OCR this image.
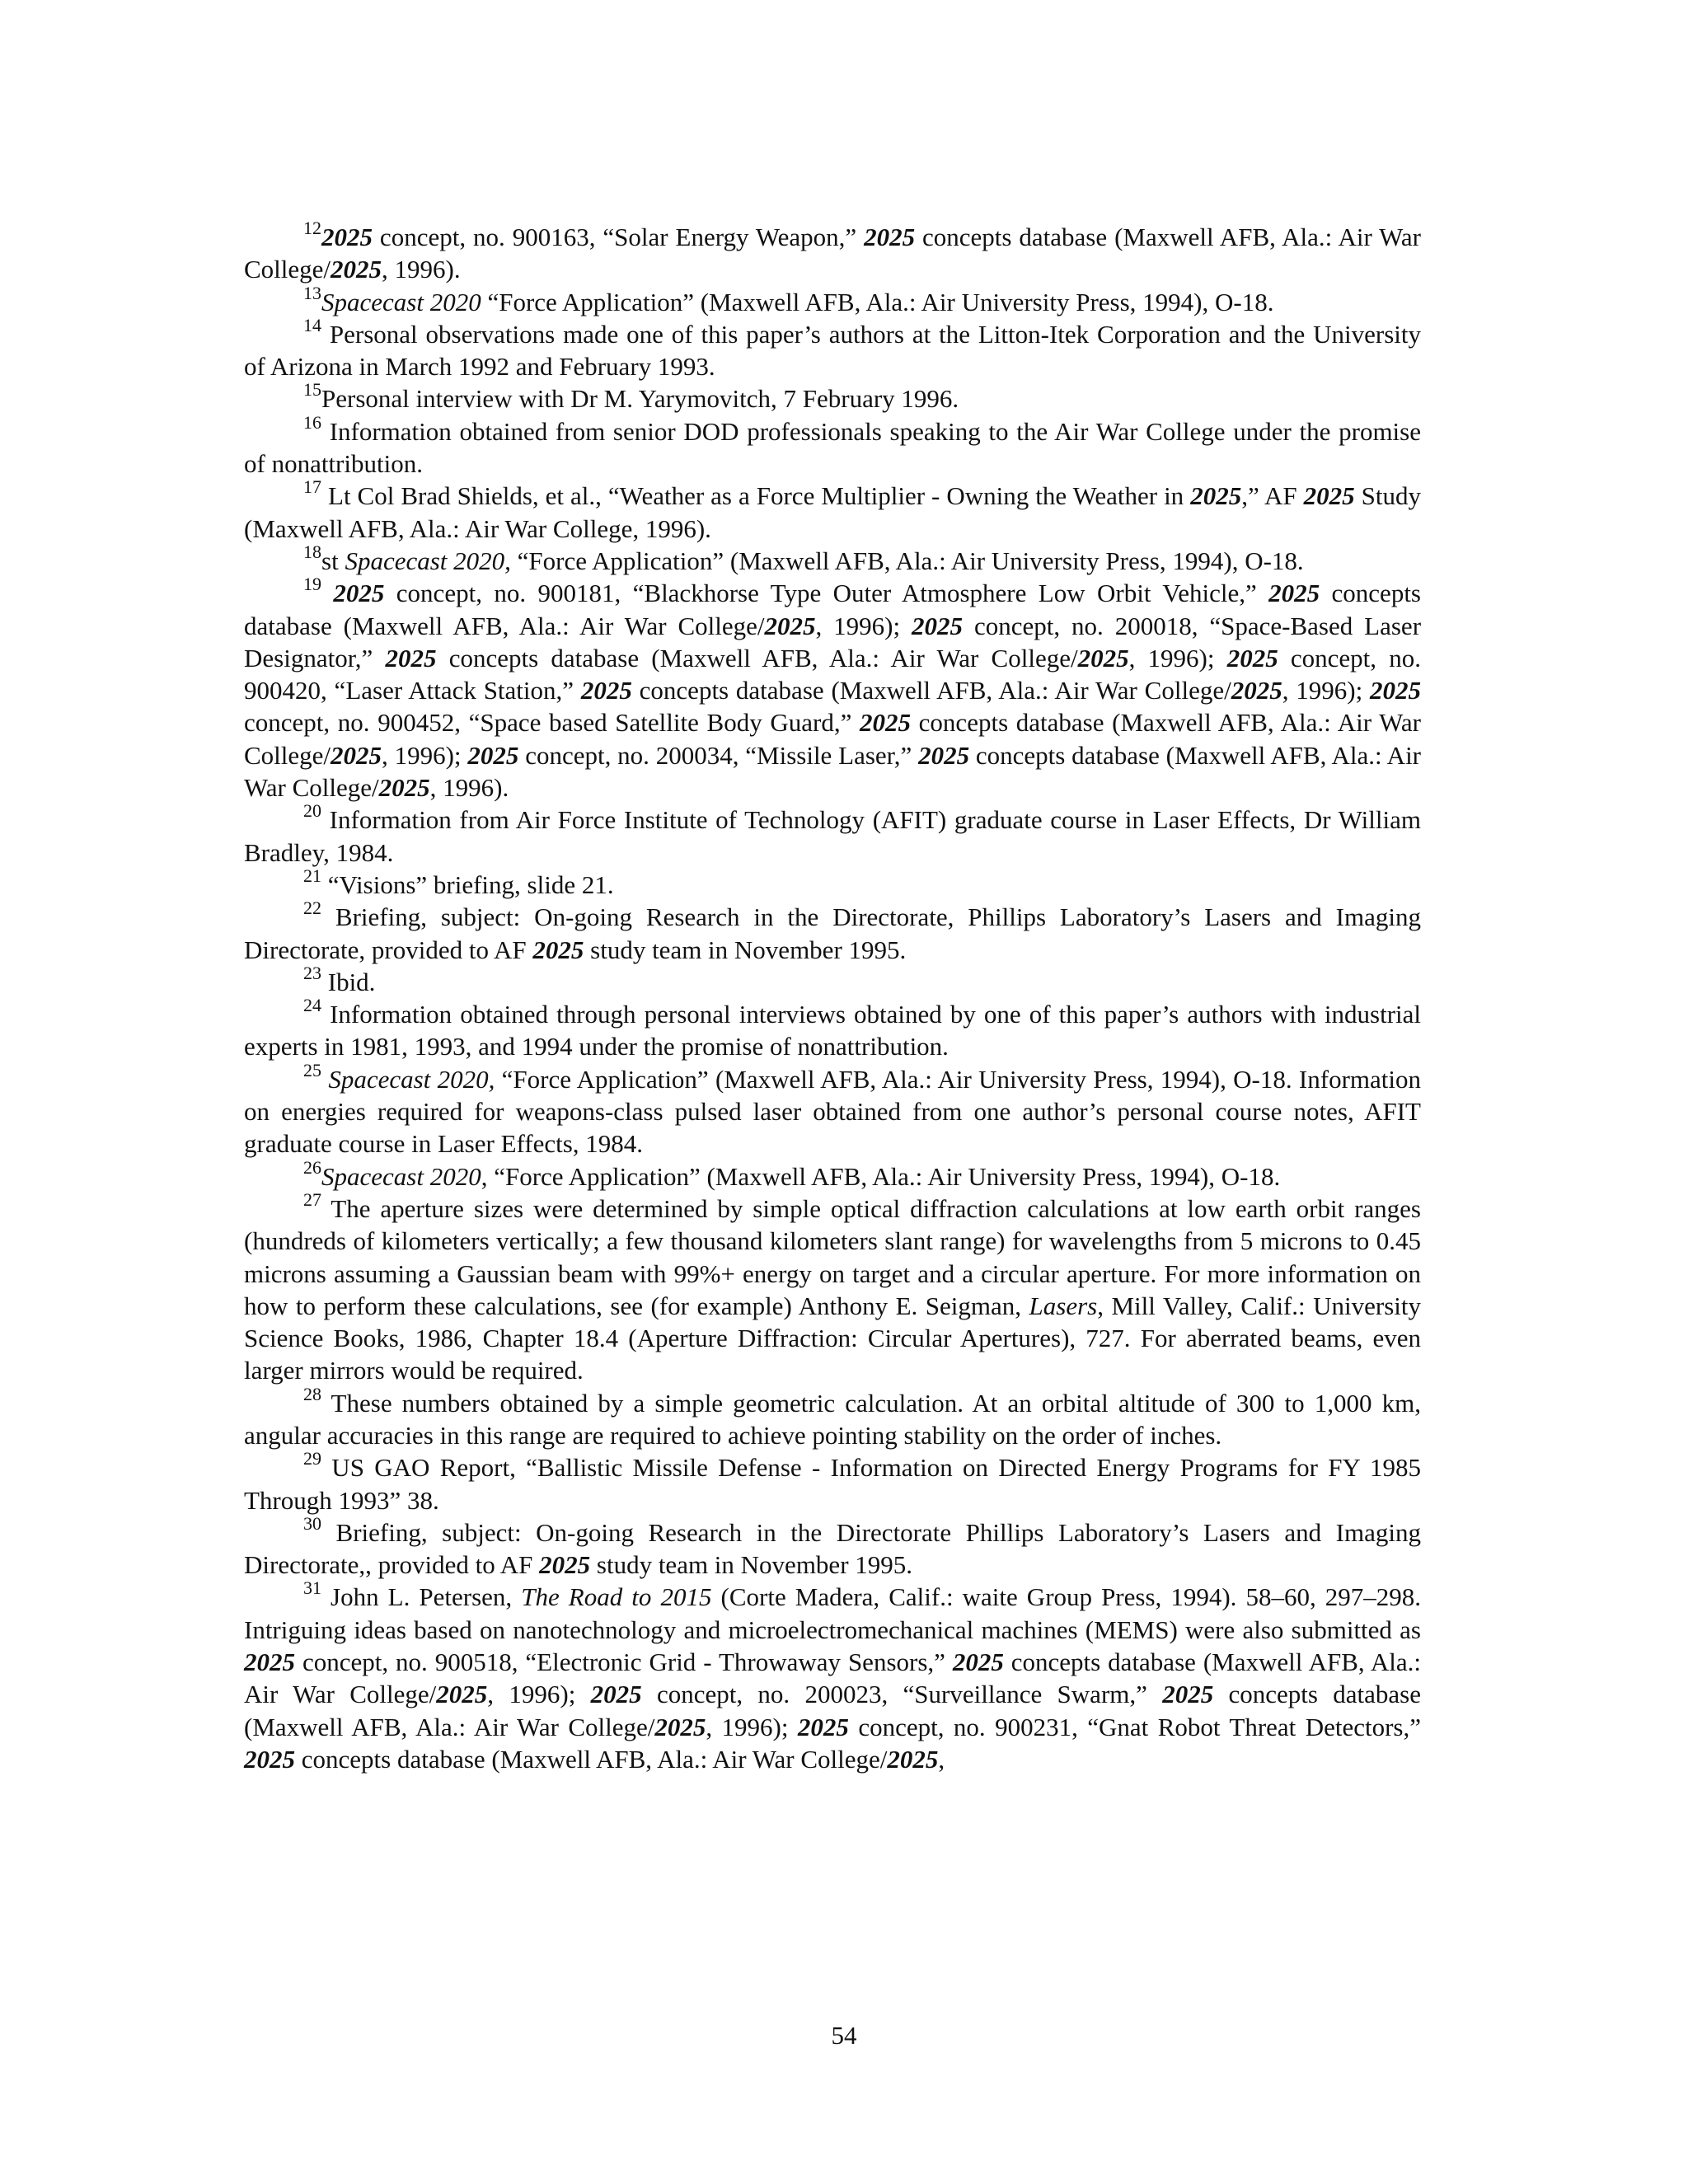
$^{12}$2025 concept, no. 900163, “Solar Energy Weapon,” 2025 concepts database (Maxwell AFB, Ala.: Air War College/2025, 1996).

$^{13}$Spacecast 2020 “Force Application” (Maxwell AFB, Ala.: Air University Press, 1994), O-18.

$^{14}$ Personal observations made one of this paper’s authors at the Litton-Itek Corporation and the University of Arizona in March 1992 and February 1993.

$^{15}$Personal interview with Dr M. Yarymovitch, 7 February 1996.

$^{16}$ Information obtained from senior DOD professionals speaking to the Air War College under the promise of nonattribution.

$^{17}$ Lt Col Brad Shields, et al., “Weather as a Force Multiplier - Owning the Weather in 2025,” AF 2025 Study (Maxwell AFB, Ala.: Air War College, 1996).

$^{18}$st Spacecast 2020, “Force Application” (Maxwell AFB, Ala.: Air University Press, 1994), O-18.

$^{19}$ 2025 concept, no. 900181, “Blackhorse Type Outer Atmosphere Low Orbit Vehicle,” 2025 concepts database (Maxwell AFB, Ala.: Air War College/2025, 1996); 2025 concept, no. 200018, “Space-Based Laser Designator,” 2025 concepts database (Maxwell AFB, Ala.: Air War College/2025, 1996); 2025 concept, no. 900420, “Laser Attack Station,” 2025 concepts database (Maxwell AFB, Ala.: Air War College/2025, 1996); 2025 concept, no. 900452, “Space based Satellite Body Guard,” 2025 concepts database (Maxwell AFB, Ala.: Air War College/2025, 1996); 2025 concept, no. 200034, “Missile Laser,” 2025 concepts database (Maxwell AFB, Ala.: Air War College/2025, 1996).

$^{20}$ Information from Air Force Institute of Technology (AFIT) graduate course in Laser Effects, Dr William Bradley, 1984.

$^{21}$ “Visions” briefing, slide 21.

$^{22}$ Briefing, subject: On-going Research in the Directorate, Phillips Laboratory’s Lasers and Imaging Directorate, provided to AF 2025 study team in November 1995.

$^{23}$ Ibid.

$^{24}$ Information obtained through personal interviews obtained by one of this paper’s authors with industrial experts in 1981, 1993, and 1994 under the promise of nonattribution.

$^{25}$ Spacecast 2020, “Force Application” (Maxwell AFB, Ala.: Air University Press, 1994), O-18. Information on energies required for weapons-class pulsed laser obtained from one author’s personal course notes, AFIT graduate course in Laser Effects, 1984.

$^{26}$Spacecast 2020, “Force Application” (Maxwell AFB, Ala.: Air University Press, 1994), O-18.

$^{27}$ The aperture sizes were determined by simple optical diffraction calculations at low earth orbit ranges (hundreds of kilometers vertically; a few thousand kilometers slant range) for wavelengths from 5 microns to 0.45 microns assuming a Gaussian beam with 99%+ energy on target and a circular aperture. For more information on how to perform these calculations, see (for example) Anthony E. Seigman, Lasers, Mill Valley, Calif.: University Science Books, 1986, Chapter 18.4 (Aperture Diffraction: Circular Apertures), 727. For aberrated beams, even larger mirrors would be required.

$^{28}$ These numbers obtained by a simple geometric calculation. At an orbital altitude of 300 to 1,000 km, angular accuracies in this range are required to achieve pointing stability on the order of inches.

$^{29}$ US GAO Report, “Ballistic Missile Defense - Information on Directed Energy Programs for FY 1985 Through 1993” 38.

$^{30}$ Briefing, subject: On-going Research in the Directorate Phillips Laboratory’s Lasers and Imaging Directorate,, provided to AF 2025 study team in November 1995.

$^{31}$ John L. Petersen, The Road to 2015 (Corte Madera, Calif.: waite Group Press, 1994). 58–60, 297–298. Intriguing ideas based on nanotechnology and microelectromechanical machines (MEMS) were also submitted as 2025 concept, no. 900518, “Electronic Grid - Throwaway Sensors,” 2025 concepts database (Maxwell AFB, Ala.: Air War College/2025, 1996); 2025 concept, no. 200023, “Surveillance Swarm,” 2025 concepts database (Maxwell AFB, Ala.: Air War College/2025, 1996); 2025 concept, no. 900231, “Gnat Robot Threat Detectors,” 2025 concepts database (Maxwell AFB, Ala.: Air War College/2025,

54
